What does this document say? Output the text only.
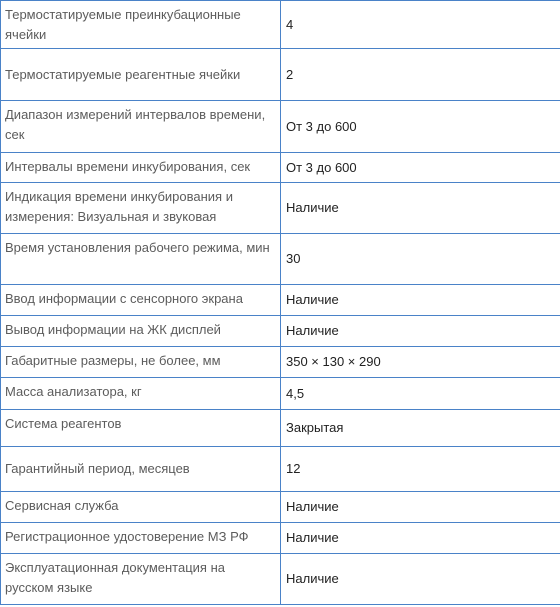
Термостатируемые преинкубационные ячейки	4
Термостатируемые реагентные ячейки	2
Диапазон измерений интервалов времени, сек	От 3 до 600
Интервалы времени инкубирования, сек	От 3 до 600
Индикация времени инкубирования и измерения: Визуальная и звуковая	Наличие
Время установления рабочего режима, мин	30
Ввод информации с сенсорного экрана	Наличие
Вывод информации на ЖК дисплей	Наличие
Габаритные размеры, не более, мм	350 × 130 × 290
Масса анализатора, кг	4,5
Система реагентов	Закрытая
Гарантийный период, месяцев	12
Сервисная служба	Наличие
Регистрационное удостоверение МЗ РФ	Наличие
Эксплуатационная документация на русском языке	Наличие
